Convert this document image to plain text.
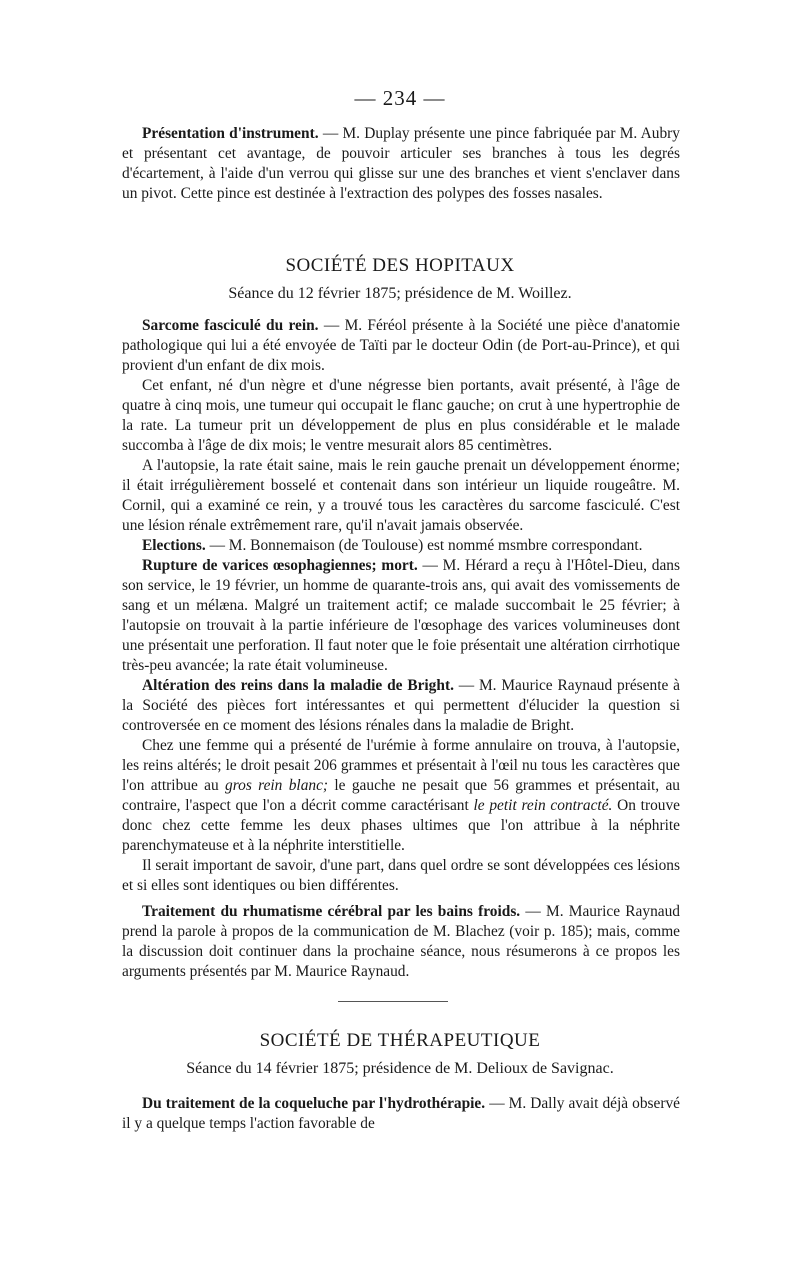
— 234 —

Présentation d'instrument. — M. Duplay présente une pince fabriquée par M. Aubry et présentant cet avantage, de pouvoir articuler ses branches à tous les degrés d'écartement, à l'aide d'un verrou qui glisse sur une des branches et vient s'enclaver dans un pivot. Cette pince est destinée à l'extraction des polypes des fosses nasales.

SOCIÉTÉ DES HOPITAUX
Séance du 12 février 1875; présidence de M. Woillez.

Sarcome fasciculé du rein. — M. Féréol présente à la Société une pièce d'anatomie pathologique qui lui a été envoyée de Taïti par le docteur Odin (de Port-au-Prince), et qui provient d'un enfant de dix mois.

Cet enfant, né d'un nègre et d'une négresse bien portants, avait présenté, à l'âge de quatre à cinq mois, une tumeur qui occupait le flanc gauche; on crut à une hypertrophie de la rate. La tumeur prit un développement de plus en plus considérable et le malade succomba à l'âge de dix mois; le ventre mesurait alors 85 centimètres.

A l'autopsie, la rate était saine, mais le rein gauche prenait un développement énorme; il était irrégulièrement bosselé et contenait dans son intérieur un liquide rougeâtre. M. Cornil, qui a examiné ce rein, y a trouvé tous les caractères du sarcome fasciculé. C'est une lésion rénale extrêmement rare, qu'il n'avait jamais observée.

Elections. — M. Bonnemaison (de Toulouse) est nommé msmbre correspondant.

Rupture de varices œsophagiennes; mort. — M. Hérard a reçu à l'Hôtel-Dieu, dans son service, le 19 février, un homme de quarante-trois ans, qui avait des vomissements de sang et un mélæna. Malgré un traitement actif; ce malade succombait le 25 février; à l'autopsie on trouvait à la partie inférieure de l'œsophage des varices volumineuses dont une présentait une perforation. Il faut noter que le foie présentait une altération cirrhotique très-peu avancée; la rate était volumineuse.

Altération des reins dans la maladie de Bright. — M. Maurice Raynaud présente à la Société des pièces fort intéressantes et qui permettent d'élucider la question si controversée en ce moment des lésions rénales dans la maladie de Bright.

Chez une femme qui a présenté de l'urémie à forme annulaire on trouva, à l'autopsie, les reins altérés; le droit pesait 206 grammes et présentait à l'œil nu tous les caractères que l'on attribue au gros rein blanc; le gauche ne pesait que 56 grammes et présentait, au contraire, l'aspect que l'on a décrit comme caractérisant le petit rein contracté. On trouve donc chez cette femme les deux phases ultimes que l'on attribue à la néphrite parenchymateuse et à la néphrite interstitielle.

Il serait important de savoir, d'une part, dans quel ordre se sont développées ces lésions et si elles sont identiques ou bien différentes.

Traitement du rhumatisme cérébral par les bains froids. — M. Maurice Raynaud prend la parole à propos de la communication de M. Blachez (voir p. 185); mais, comme la discussion doit continuer dans la prochaine séance, nous résumerons à ce propos les arguments présentés par M. Maurice Raynaud.

SOCIÉTÉ DE THÉRAPEUTIQUE
Séance du 14 février 1875; présidence de M. Delioux de Savignac.

Du traitement de la coqueluche par l'hydrothérapie. — M. Dally avait déjà observé il y a quelque temps l'action favorable de
